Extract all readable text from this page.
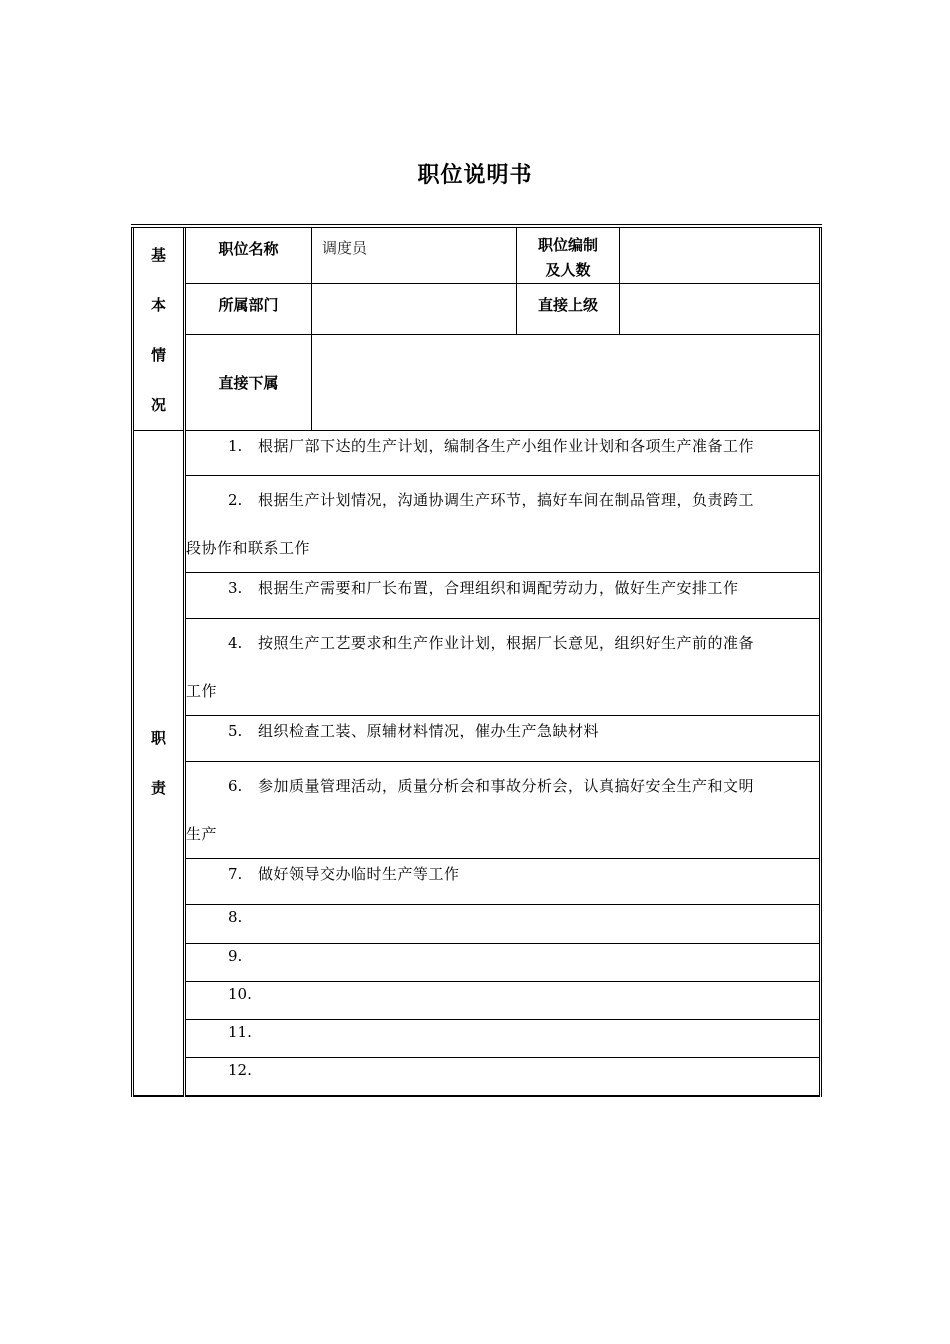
职位说明书
基
本
情
况	职位名称	调度员	职位编制
及人数	
	所属部门		直接上级	
	直接下属			

职
责	1. 根据厂部下达的生产计划，编制各生产小组作业计划和各项生产准备工作			
	2. 根据生产计划情况，沟通协调生产环节，搞好车间在制品管理，负责跨工
段协作和联系工作			
	3. 根据生产需要和厂长布置，合理组织和调配劳动力，做好生产安排工作			
	4. 按照生产工艺要求和生产作业计划，根据厂长意见，组织好生产前的准备
工作			
	5. 组织检查工装、原辅材料情况，催办生产急缺材料			
	6. 参加质量管理活动，质量分析会和事故分析会，认真搞好安全生产和文明
生产			
	7. 做好领导交办临时生产等工作			
	8.			
	9.			
	10.			
	11.			
	12.			
